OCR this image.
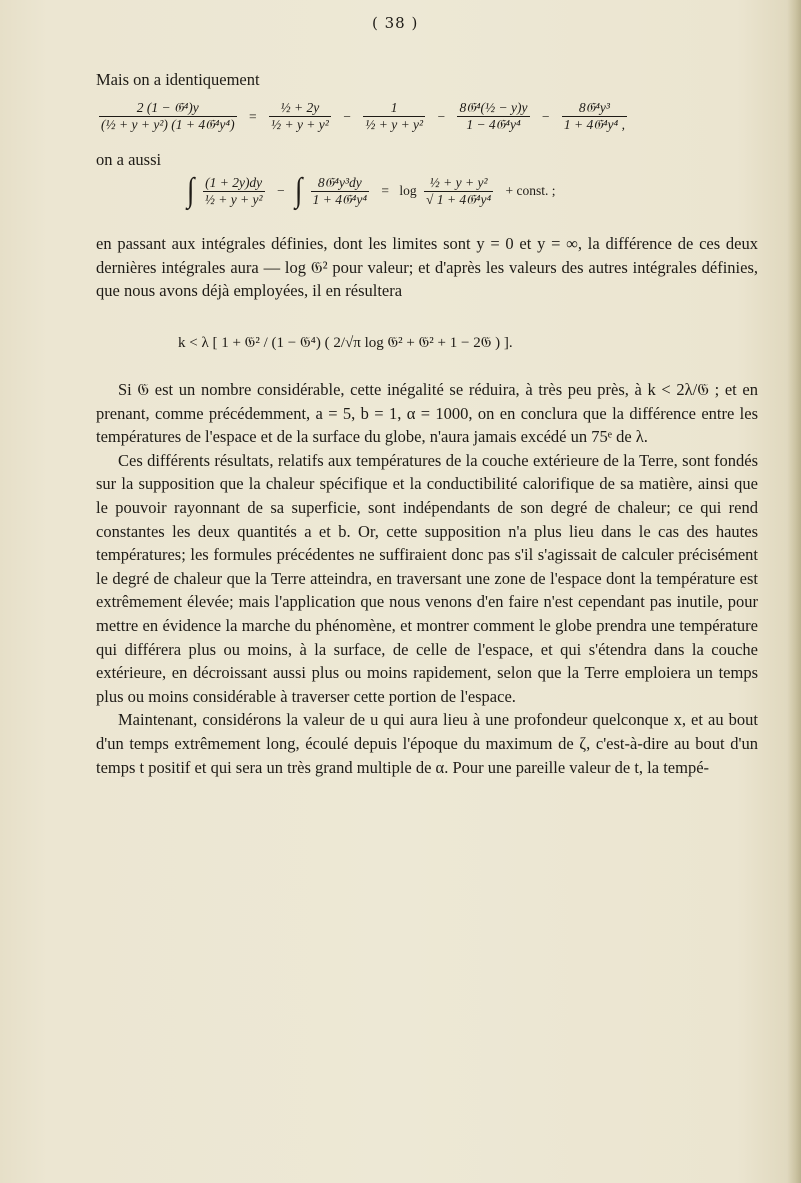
( 38 )
Mais on a identiquement
$\frac{\text{2 (1 − 𝔊⁴)y}}{\text{(½ + y + y²) (1 + 4𝔊⁴y⁴)}} = \frac{\text{½ + 2y}}{\text{½ + y + y²}} - \frac{1}{\text{½ + y + y²}} - \frac{\text{8𝔊⁴(½ − y)y}}{\text{1 − 4𝔊⁴y⁴}} - \frac{\text{8𝔊⁴y³}}{\text{1 + 4𝔊⁴y⁴ ,}}$
on a aussi
∫ $\frac{(1 + 2y)dy}{\text{½ + y + y²}}$ − ∫ $\frac{\text{8𝔊⁴y³dy}}{\text{1 + 4𝔊⁴y⁴}} = \log \frac{\text{½ + y + y²}}{\text{√ 1 + 4𝔊⁴y⁴}}$ + const. ;

en passant aux intégrales définies, dont les limites sont y = 0 et y = ∞, la différence de ces deux dernières intégrales aura — log 𝔊² pour valeur; et d'après les valeurs des autres intégrales définies, que nous avons déjà employées, il en résultera

k < λ [ 1 + 𝔊² / (1 − 𝔊⁴) ( 2/√π log 𝔊² + 𝔊² + 1 − 2𝔊 ) ].

Si 𝔊 est un nombre considérable, cette inégalité se réduira, à très peu près, à k < 2λ/𝔊 ; et en prenant, comme précédemment, a = 5, b = 1, α = 1000, on en conclura que la différence entre les températures de l'espace et de la surface du globe, n'aura jamais excédé un 75ᵉ de λ.

Ces différents résultats, relatifs aux températures de la couche extérieure de la Terre, sont fondés sur la supposition que la chaleur spécifique et la conductibilité calorifique de sa matière, ainsi que le pouvoir rayonnant de sa superficie, sont indépendants de son degré de chaleur; ce qui rend constantes les deux quantités a et b. Or, cette supposition n'a plus lieu dans le cas des hautes températures; les formules précédentes ne suffiraient donc pas s'il s'agissait de calculer précisément le degré de chaleur que la Terre atteindra, en traversant une zone de l'espace dont la température est extrêmement élevée; mais l'application que nous venons d'en faire n'est cependant pas inutile, pour mettre en évidence la marche du phénomène, et montrer comment le globe prendra une température qui différera plus ou moins, à la surface, de celle de l'espace, et qui s'étendra dans la couche extérieure, en décroissant aussi plus ou moins rapidement, selon que la Terre emploiera un temps plus ou moins considérable à traverser cette portion de l'espace.

Maintenant, considérons la valeur de u qui aura lieu à une profondeur quelconque x, et au bout d'un temps extrêmement long, écoulé depuis l'époque du maximum de ζ, c'est-à-dire au bout d'un temps t positif et qui sera un très grand multiple de α. Pour une pareille valeur de t, la tempé-
